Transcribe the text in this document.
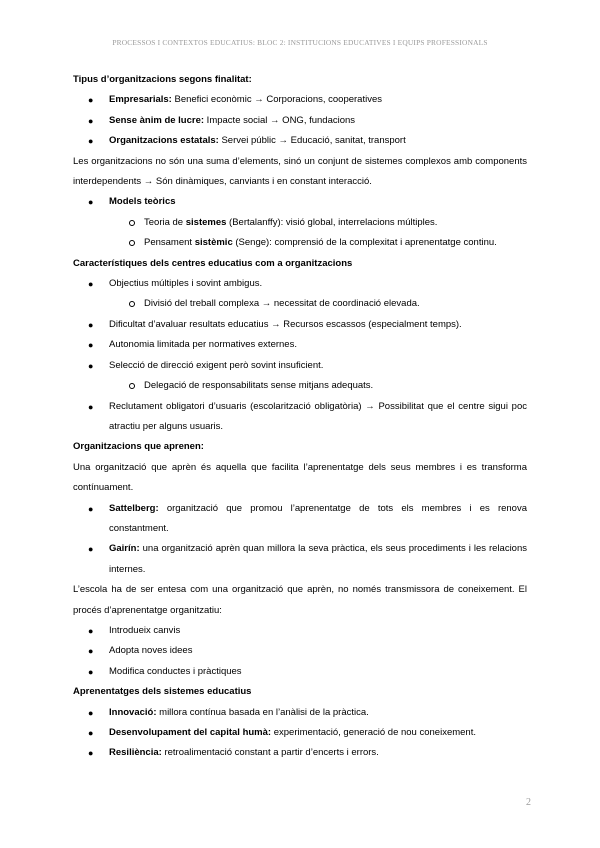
PROCESSOS I CONTEXTOS EDUCATIUS: BLOC 2: INSTITUCIONS EDUCATIVES I EQUIPS PROFESSIONALS

Tipus d’organitzacions segons finalitat:

● Empresarials: Benefici econòmic → Corporacions, cooperatives
● Sense ànim de lucre: Impacte social → ONG, fundacions
● Organitzacions estatals: Servei públic → Educació, sanitat, transport

Les organitzacions no són una suma d’elements, sinó un conjunt de sistemes complexos amb components interdependents → Són dinàmiques, canviants i en constant interacció.

● Models teòrics
Teoria de sistemes (Bertalanffy): visió global, interrelacions múltiples.
Pensament sistèmic (Senge): comprensió de la complexitat i aprenentatge continu.

Característiques dels centres educatius com a organitzacions

● Objectius múltiples i sovint ambigus.
Divisió del treball complexa → necessitat de coordinació elevada.
● Dificultat d’avaluar resultats educatius → Recursos escassos (especialment temps).
● Autonomia limitada per normatives externes.
● Selecció de direcció exigent però sovint insuficient.
Delegació de responsabilitats sense mitjans adequats.
● Reclutament obligatori d’usuaris (escolarització obligatòria) → Possibilitat que el centre sigui poc atractiu per alguns usuaris.

Organitzacions que aprenen:

Una organització que aprèn és aquella que facilita l’aprenentatge dels seus membres i es transforma contínuament.

● Sattelberg: organització que promou l’aprenentatge de tots els membres i es renova constantment.
● Gairín: una organització aprèn quan millora la seva pràctica, els seus procediments i les relacions internes.

L’escola ha de ser entesa com una organització que aprèn, no només transmissora de coneixement. El procés d’aprenentatge organitzatiu:

● Introdueix canvis
● Adopta noves idees
● Modifica conductes i pràctiques

Aprenentatges dels sistemes educatius

● Innovació: millora contínua basada en l’anàlisi de la pràctica.
● Desenvolupament del capital humà: experimentació, generació de nou coneixement.
● Resiliència: retroalimentació constant a partir d’encerts i errors.
2
